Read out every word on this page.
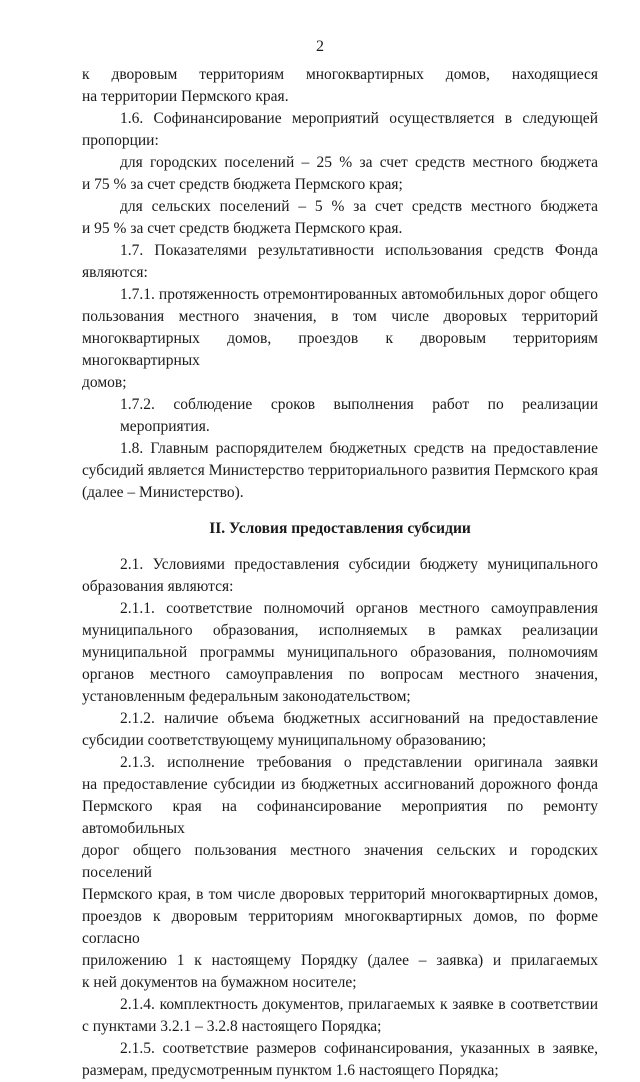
2
к дворовым территориям многоквартирных домов, находящиеся
на территории Пермского края.
1.6. Софинансирование мероприятий осуществляется в следующей
пропорции:
для городских поселений – 25 % за счет средств местного бюджета
и 75 % за счет средств бюджета Пермского края;
для сельских поселений – 5 % за счет средств местного бюджета
и 95 % за счет средств бюджета Пермского края.
1.7. Показателями результативности использования средств Фонда
являются:
1.7.1. протяженность отремонтированных автомобильных дорог общего
пользования местного значения, в том числе дворовых территорий
многоквартирных домов, проездов к дворовым территориям многоквартирных
домов;
1.7.2. соблюдение сроков выполнения работ по реализации мероприятия.
1.8. Главным распорядителем бюджетных средств на предоставление
субсидий является Министерство территориального развития Пермского края
(далее – Министерство).
II. Условия предоставления субсидии
2.1. Условиями предоставления субсидии бюджету муниципального
образования являются:
2.1.1. соответствие полномочий органов местного самоуправления
муниципального образования, исполняемых в рамках реализации
муниципальной программы муниципального образования, полномочиям
органов местного самоуправления по вопросам местного значения,
установленным федеральным законодательством;
2.1.2. наличие объема бюджетных ассигнований на предоставление
субсидии соответствующему муниципальному образованию;
2.1.3. исполнение требования о представлении оригинала заявки
на предоставление субсидии из бюджетных ассигнований дорожного фонда
Пермского края на софинансирование мероприятия по ремонту автомобильных
дорог общего пользования местного значения сельских и городских поселений
Пермского края, в том числе дворовых территорий многоквартирных домов,
проездов к дворовым территориям многоквартирных домов, по форме согласно
приложению 1 к настоящему Порядку (далее – заявка) и прилагаемых
к ней документов на бумажном носителе;
2.1.4. комплектность документов, прилагаемых к заявке в соответствии
с пунктами 3.2.1 – 3.2.8 настоящего Порядка;
2.1.5. соответствие размеров софинансирования, указанных в заявке,
размерам, предусмотренным пунктом 1.6 настоящего Порядка;
